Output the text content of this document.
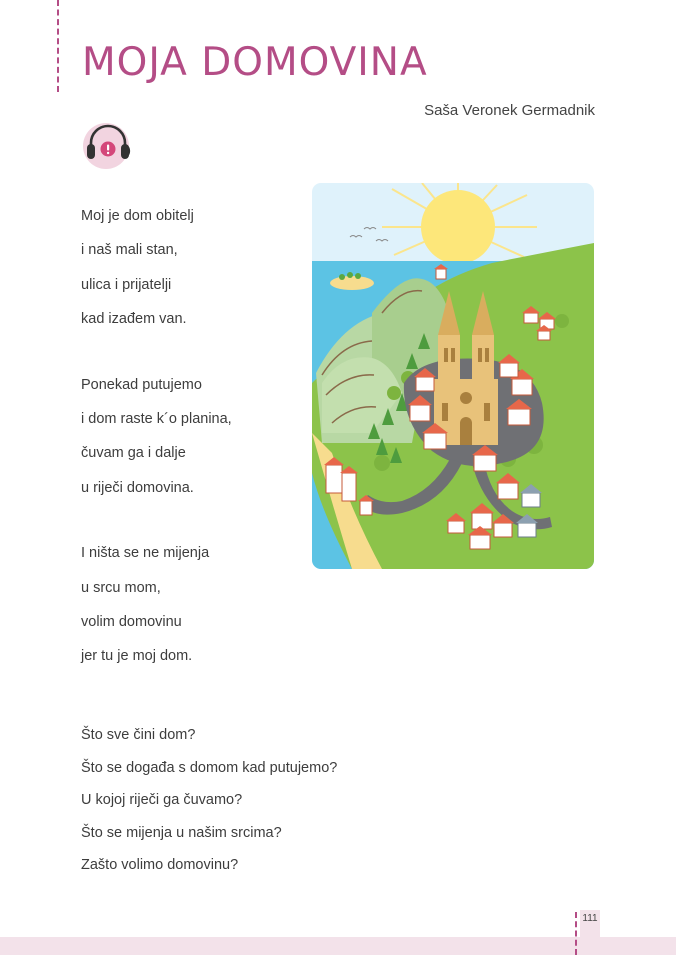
MOJA DOMOVINA
Saša Veronek Germadnik
Moj je dom obitelj
i naš mali stan,
ulica i prijatelji
kad izađem van.
Ponekad putujemo
i dom raste k´o planina,
čuvam ga i dalje
u riječi domovina.
I ništa se ne mijenja
u srcu mom,
volim domovinu
jer tu je moj dom.
Što sve čini dom?
Što se događa s domom kad putujemo?
U kojoj riječi ga čuvamo?
Što se mijenja u našim srcima?
Zašto volimo domovinu?
111
